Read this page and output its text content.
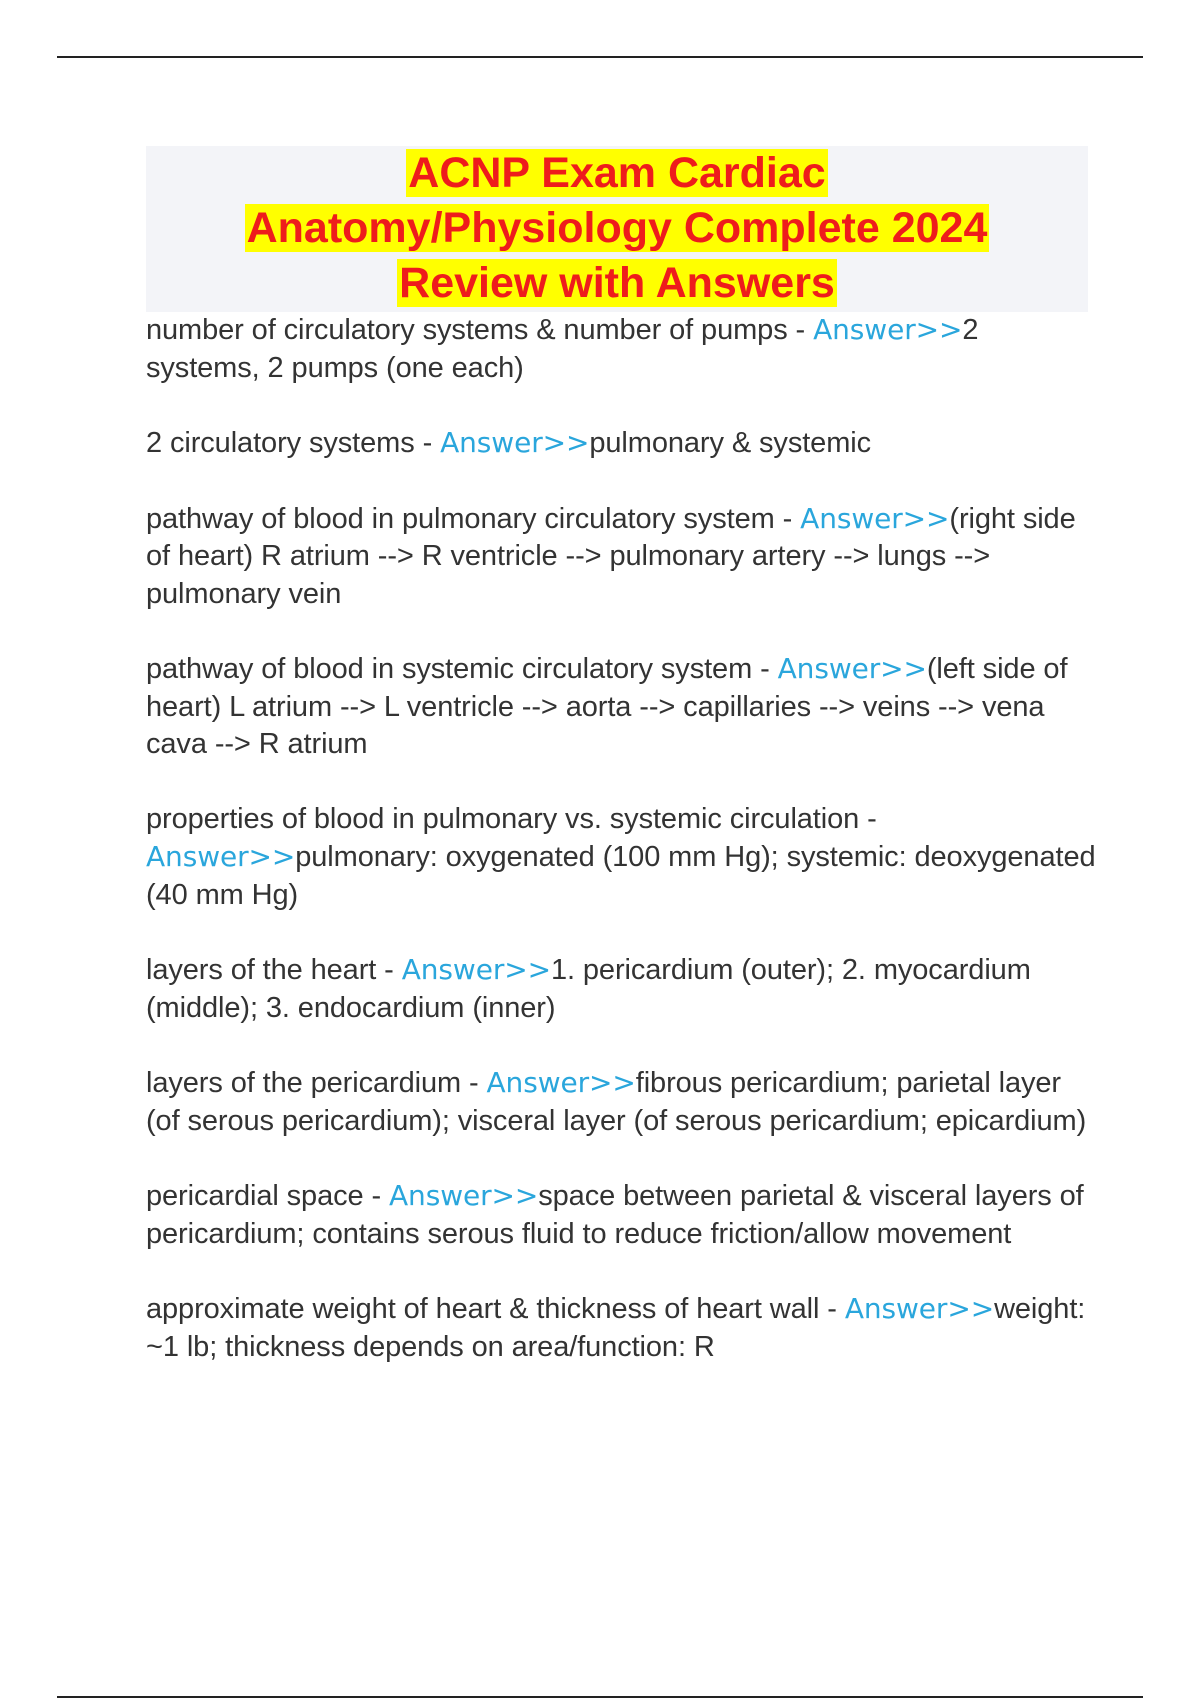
ACNP Exam Cardiac
Anatomy/Physiology Complete 2024
Review with Answers
number of circulatory systems & number of pumps - Answer>>2 systems, 2 pumps (one each)
2 circulatory systems - Answer>>pulmonary & systemic
pathway of blood in pulmonary circulatory system - Answer>>(right side of heart) R atrium --> R ventricle --> pulmonary artery --> lungs --> pulmonary vein
pathway of blood in systemic circulatory system - Answer>>(left side of heart) L atrium --> L ventricle --> aorta --> capillaries --> veins --> vena cava --> R atrium
properties of blood in pulmonary vs. systemic circulation - Answer>>pulmonary: oxygenated (100 mm Hg); systemic: deoxygenated (40 mm Hg)
layers of the heart - Answer>>1. pericardium (outer); 2. myocardium (middle); 3. endocardium (inner)
layers of the pericardium - Answer>>fibrous pericardium; parietal layer (of serous pericardium); visceral layer (of serous pericardium; epicardium)
pericardial space - Answer>>space between parietal & visceral layers of pericardium; contains serous fluid to reduce friction/allow movement
approximate weight of heart & thickness of heart wall - Answer>>weight: ~1 lb; thickness depends on area/function: R
